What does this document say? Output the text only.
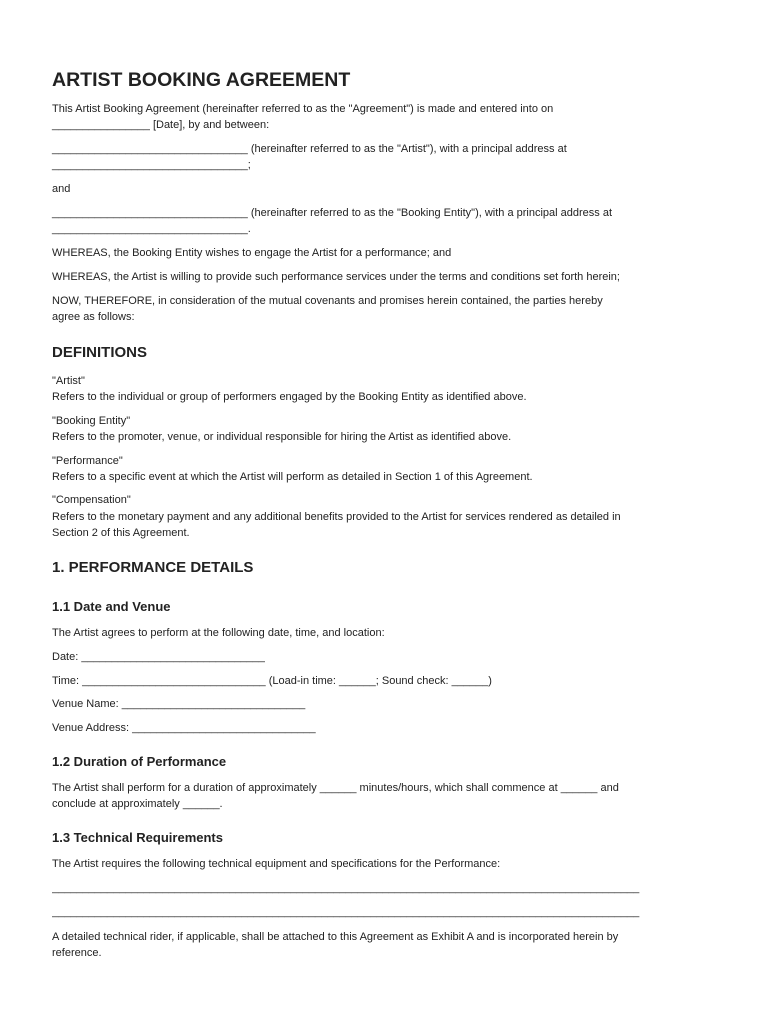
ARTIST BOOKING AGREEMENT

This Artist Booking Agreement (hereinafter referred to as the "Agreement") is made and entered into on

________________ [Date], by and between:

________________________________ (hereinafter referred to as the "Artist"), with a principal address at

________________________________;

and

________________________________ (hereinafter referred to as the "Booking Entity"), with a principal address at

________________________________.

WHEREAS, the Booking Entity wishes to engage the Artist for a performance; and

WHEREAS, the Artist is willing to provide such performance services under the terms and conditions set forth herein;

NOW, THEREFORE, in consideration of the mutual covenants and promises herein contained, the parties hereby

agree as follows:

DEFINITIONS

"Artist"

Refers to the individual or group of performers engaged by the Booking Entity as identified above.

"Booking Entity"

Refers to the promoter, venue, or individual responsible for hiring the Artist as identified above.

"Performance"

Refers to a specific event at which the Artist will perform as detailed in Section 1 of this Agreement.

"Compensation"

Refers to the monetary payment and any additional benefits provided to the Artist for services rendered as detailed in

Section 2 of this Agreement.

1. PERFORMANCE DETAILS
1.1 Date and Venue

The Artist agrees to perform at the following date, time, and location:

Date: ______________________________

Time: ______________________________ (Load-in time: ______; Sound check: ______)

Venue Name: ______________________________

Venue Address: ______________________________

1.2 Duration of Performance

The Artist shall perform for a duration of approximately ______ minutes/hours, which shall commence at ______ and

conclude at approximately ______.

1.3 Technical Requirements

The Artist requires the following technical equipment and specifications for the Performance:

________________________________________________________________________________________________

________________________________________________________________________________________________

A detailed technical rider, if applicable, shall be attached to this Agreement as Exhibit A and is incorporated herein by

reference.
